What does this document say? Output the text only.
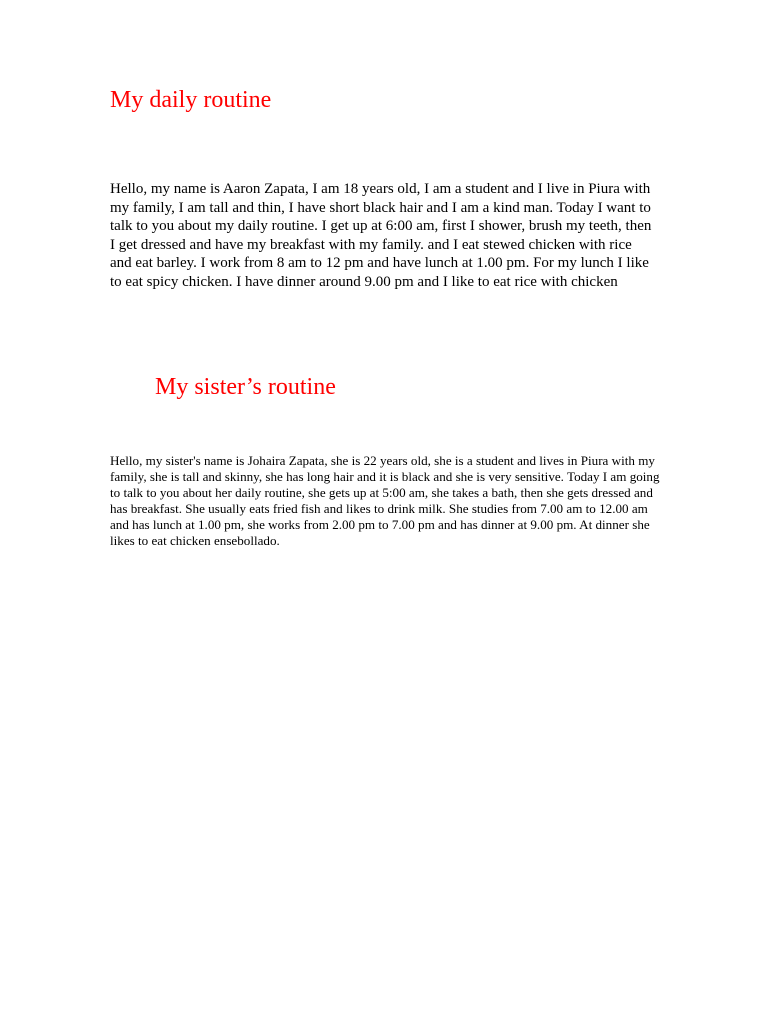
My daily routine

Hello, my name is Aaron Zapata, I am 18 years old, I am a student and I live in Piura with my family, I am tall and thin, I have short black hair and I am a kind man. Today I want to talk to you about my daily routine. I get up at 6:00 am, first I shower, brush my teeth, then I get dressed and have my breakfast with my family. and I eat stewed chicken with rice and eat barley. I work from 8 am to 12 pm and have lunch at 1.00 pm. For my lunch I like to eat spicy chicken. I have dinner around 9.00 pm and I like to eat rice with chicken

My sister’s routine

Hello, my sister's name is Johaira Zapata, she is 22 years old, she is a student and lives in Piura with my family, she is tall and skinny, she has long hair and it is black and she is very sensitive. Today I am going to talk to you about her daily routine, she gets up at 5:00 am, she takes a bath, then she gets dressed and has breakfast. She usually eats fried fish and likes to drink milk. She studies from 7.00 am to 12.00 am and has lunch at 1.00 pm, she works from 2.00 pm to 7.00 pm and has dinner at 9.00 pm. At dinner she likes to eat chicken ensebollado.
